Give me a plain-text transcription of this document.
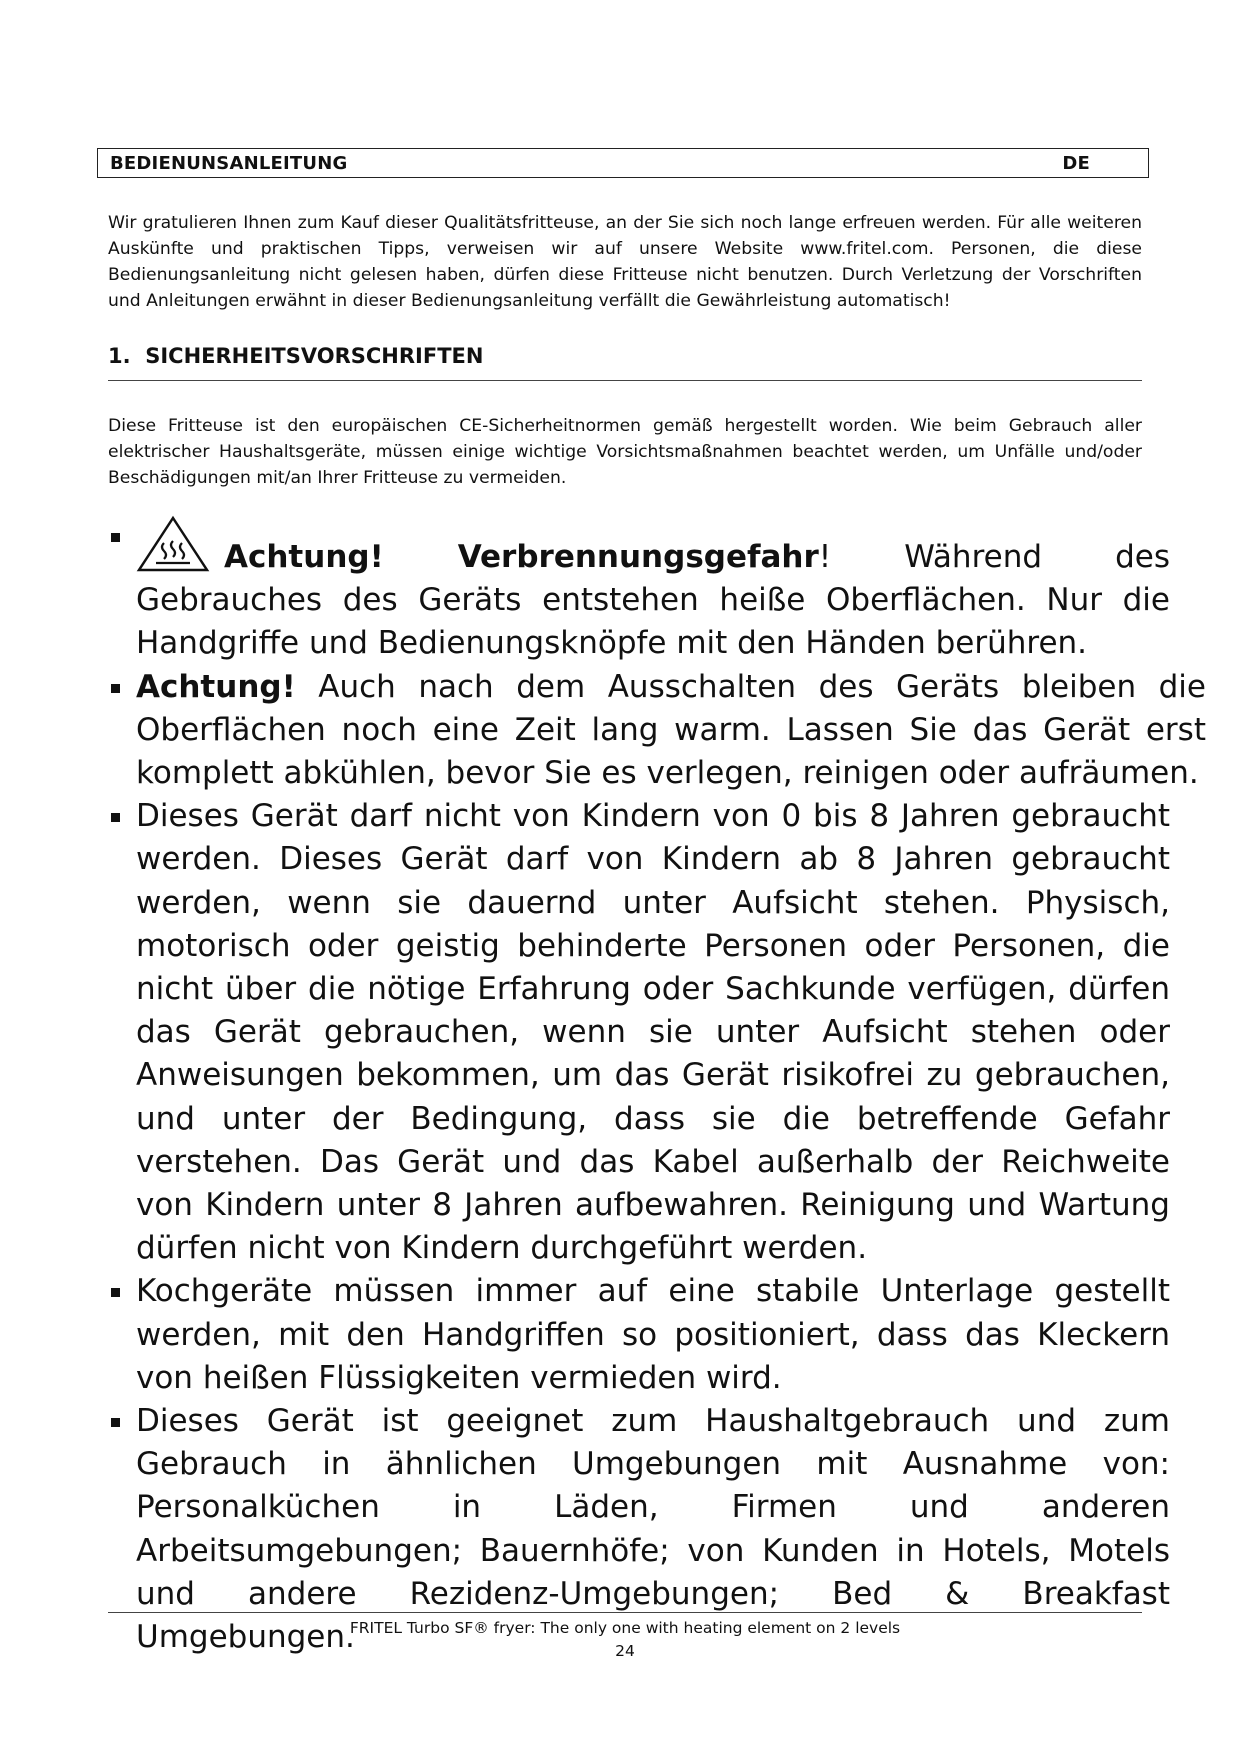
BEDIENUNSANLEITUNG	DE

Wir gratulieren Ihnen zum Kauf dieser Qualitätsfritteuse, an der Sie sich noch lange erfreuen werden. Für alle weiteren Auskünfte und praktischen Tipps, verweisen wir auf unsere Website www.fritel.com. Personen, die diese Bedienungsanleitung nicht gelesen haben, dürfen diese Fritteuse nicht benutzen. Durch Verletzung der Vorschriften und Anleitungen erwähnt in dieser Bedienungsanleitung verfällt die Gewährleistung automatisch!

1. SICHERHEITSVORSCHRIFTEN

Diese Fritteuse ist den europäischen CE-Sicherheitnormen gemäß hergestellt worden. Wie beim Gebrauch aller elektrischer Haushaltsgeräte, müssen einige wichtige Vorsichtsmaßnahmen beachtet werden, um Unfälle und/oder Beschädigungen mit/an Ihrer Fritteuse zu vermeiden.

Achtung! Verbrennungsgefahr! Während des Gebrauches des Geräts entstehen heiße Oberflächen. Nur die Handgriffe und Bedienungsknöpfe mit den Händen berühren.
Achtung! Auch nach dem Ausschalten des Geräts bleiben die Oberflächen noch eine Zeit lang warm. Lassen Sie das Gerät erst komplett abkühlen, bevor Sie es verlegen, reinigen oder aufräumen.
Dieses Gerät darf nicht von Kindern von 0 bis 8 Jahren gebraucht werden. Dieses Gerät darf von Kindern ab 8 Jahren gebraucht werden, wenn sie dauernd unter Aufsicht stehen. Physisch, motorisch oder geistig behinderte Personen oder Personen, die nicht über die nötige Erfahrung oder Sachkunde verfügen, dürfen das Gerät gebrauchen, wenn sie unter Aufsicht stehen oder Anweisungen bekommen, um das Gerät risikofrei zu gebrauchen, und unter der Bedingung, dass sie die betreffende Gefahr verstehen. Das Gerät und das Kabel außerhalb der Reichweite von Kindern unter 8 Jahren aufbewahren. Reinigung und Wartung dürfen nicht von Kindern durchgeführt werden.
Kochgeräte müssen immer auf eine stabile Unterlage gestellt werden, mit den Handgriffen so positioniert, dass das Kleckern von heißen Flüssigkeiten vermieden wird.
Dieses Gerät ist geeignet zum Haushaltgebrauch und zum Gebrauch in ähnlichen Umgebungen mit Ausnahme von: Personalküchen in Läden, Firmen und anderen Arbeitsumgebungen; Bauernhöfe; von Kunden in Hotels, Motels und andere Rezidenz-Umgebungen; Bed & Breakfast Umgebungen.

FRITEL Turbo SF® fryer: The only one with heating element on 2 levels

24
